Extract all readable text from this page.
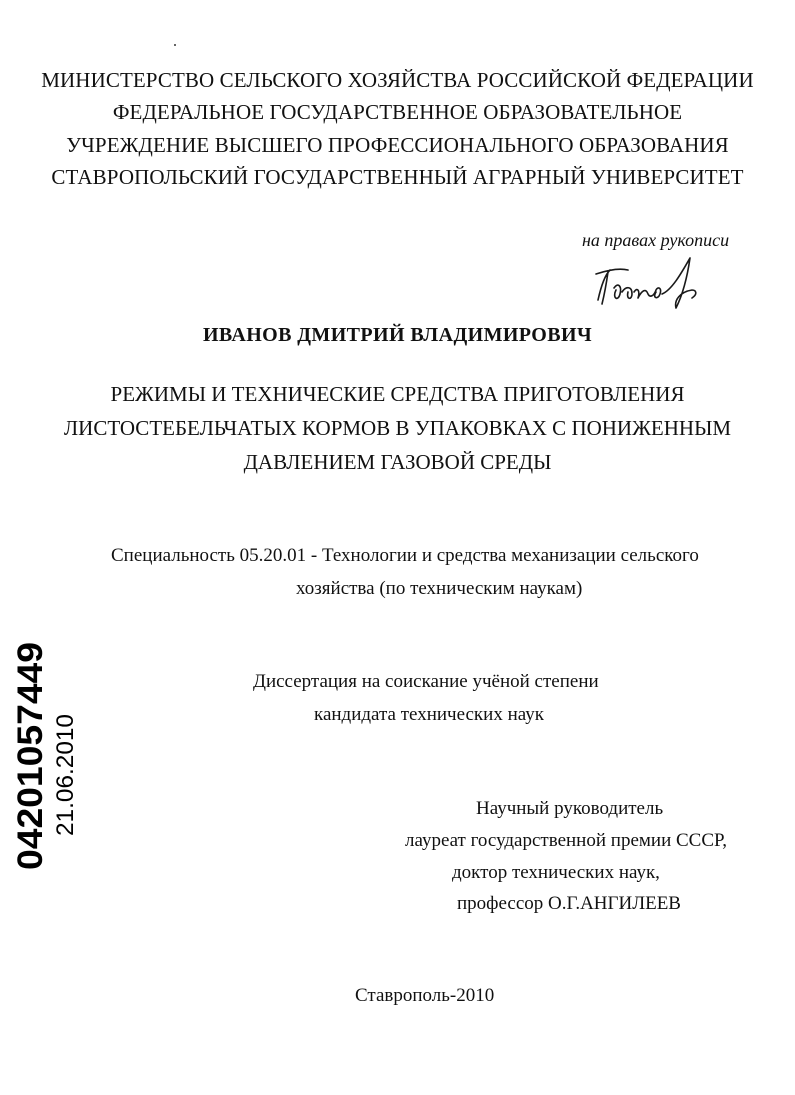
МИНИСТЕРСТВО СЕЛЬСКОГО ХОЗЯЙСТВА РОССИЙСКОЙ ФЕДЕРАЦИИ
ФЕДЕРАЛЬНОЕ ГОСУДАРСТВЕННОЕ ОБРАЗОВАТЕЛЬНОЕ
УЧРЕЖДЕНИЕ ВЫСШЕГО ПРОФЕССИОНАЛЬНОГО ОБРАЗОВАНИЯ
СТАВРОПОЛЬСКИЙ ГОСУДАРСТВЕННЫЙ АГРАРНЫЙ УНИВЕРСИТЕТ
на правах рукописи
ИВАНОВ ДМИТРИЙ ВЛАДИМИРОВИЧ
РЕЖИМЫ И ТЕХНИЧЕСКИЕ СРЕДСТВА ПРИГОТОВЛЕНИЯ
ЛИСТОСТЕБЕЛЬЧАТЫХ КОРМОВ В УПАКОВКАХ С ПОНИЖЕННЫМ
ДАВЛЕНИЕМ ГАЗОВОЙ СРЕДЫ
Специальность 05.20.01 - Технологии и средства механизации сельского
хозяйства (по техническим наукам)
Диссертация на соискание учёной степени
кандидата технических наук
Научный руководитель
лауреат государственной премии СССР,
доктор технических наук,
профессор О.Г.АНГИЛЕЕВ
Ставрополь-2010
04201057449 21.06.2010
